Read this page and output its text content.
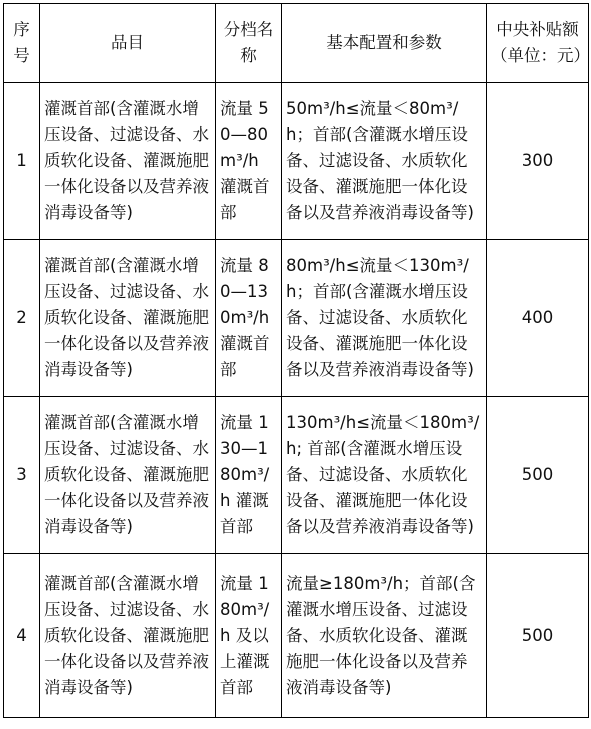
序号	品目	分档名称	基本配置和参数	中央补贴额 （单位：元）
1	灌溉首部(含灌溉水增压设备、过滤设备、水质软化设备、灌溉施肥一体化设备以及营养液消毒设备等)	流量 50—80m³/h 灌溉首部	50m³/h≤流量＜80m³/h；首部(含灌溉水增压设备、过滤设备、水质软化设备、灌溉施肥一体化设备以及营养液消毒设备等)	300
2	灌溉首部(含灌溉水增压设备、过滤设备、水质软化设备、灌溉施肥一体化设备以及营养液消毒设备等)	流量 80—130m³/h 灌溉首部	80m³/h≤流量＜130m³/h；首部(含灌溉水增压设备、过滤设备、水质软化设备、灌溉施肥一体化设备以及营养液消毒设备等)	400
3	灌溉首部(含灌溉水增压设备、过滤设备、水质软化设备、灌溉施肥一体化设备以及营养液消毒设备等)	流量 130—180m³/h 灌溉首部	130m³/h≤流量＜180m³/h; 首部(含灌溉水增压设备、过滤设备、水质软化设备、灌溉施肥一体化设备以及营养液消毒设备等)	500
4	灌溉首部(含灌溉水增压设备、过滤设备、水质软化设备、灌溉施肥一体化设备以及营养液消毒设备等)	流量 180m³/h 及以上灌溉首部	流量≥180m³/h；首部(含灌溉水增压设备、过滤设备、水质软化设备、灌溉施肥一体化设备以及营养液消毒设备等)	500
